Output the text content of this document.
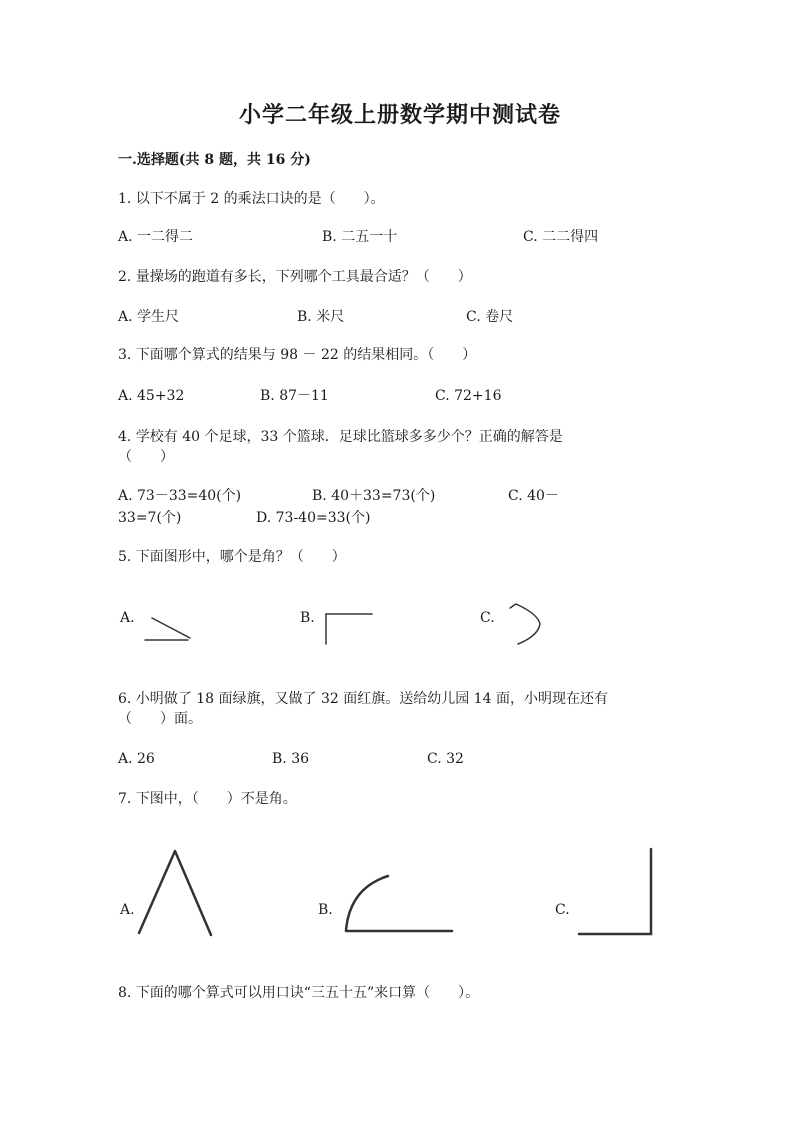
小学二年级上册数学期中测试卷
一.选择题(共 8 题，共 16 分)
1. 以下不属于 2 的乘法口诀的是（　　）。
A. 一二得二	B. 二五一十	C. 二二得四
2. 量操场的跑道有多长，下列哪个工具最合适？（　　）
A. 学生尺	B. 米尺	C. 卷尺
3. 下面哪个算式的结果与 98 － 22 的结果相同。（　　）
A. 45+32	B. 87－11	C. 72+16
4. 学校有 40 个足球，33 个篮球．足球比篮球多多少个？正确的解答是
（　　）
A. 73－33=40(个)	B. 40＋33=73(个)	C. 40－
33=7(个)	D. 73-40=33(个)
5. 下面图形中，哪个是角？（　　）
A.	B.	C.
6. 小明做了 18 面绿旗，又做了 32 面红旗。送给幼儿园 14 面，小明现在还有
（　　）面。
A. 26	B. 36	C. 32
7. 下图中，（　　）不是角。
A.	B.	C.
8. 下面的哪个算式可以用口诀“三五十五”来口算（　　）。
